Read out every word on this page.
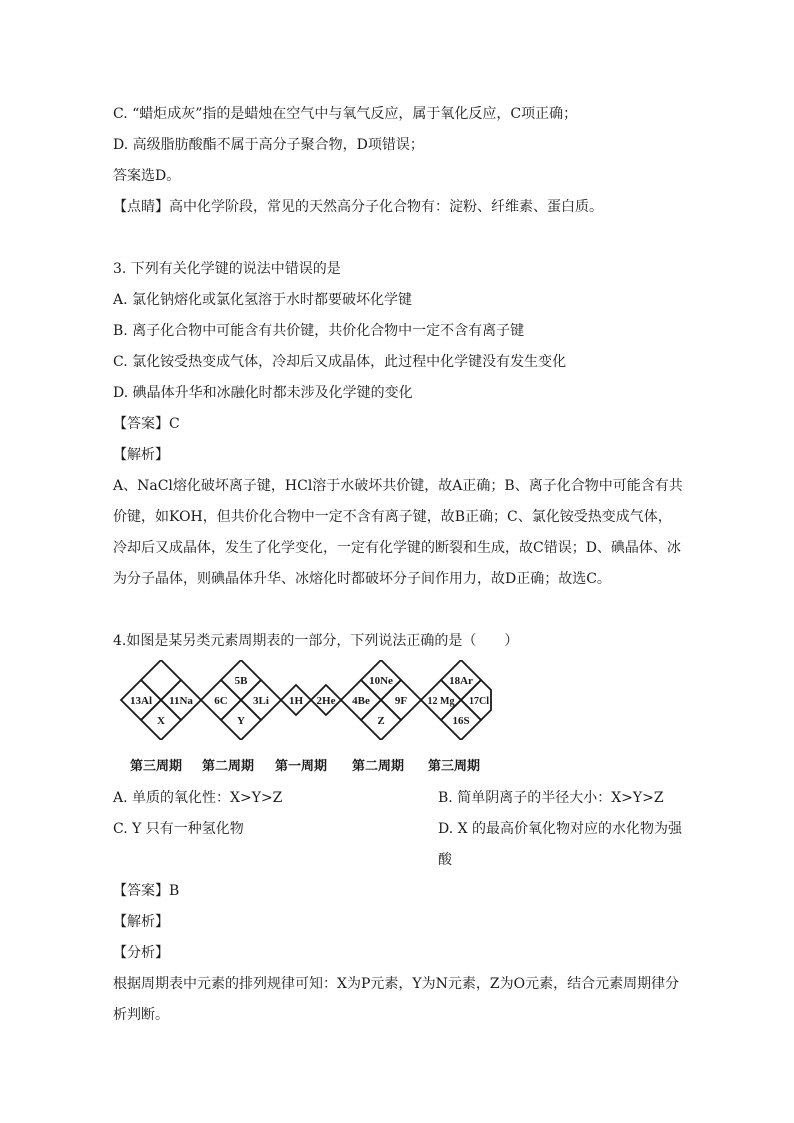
C. “蜡炬成灰”指的是蜡烛在空气中与氧气反应，属于氧化反应，C项正确；
D. 高级脂肪酸酯不属于高分子聚合物，D项错误；
答案选D。
【点睛】高中化学阶段，常见的天然高分子化合物有：淀粉、纤维素、蛋白质。
3. 下列有关化学键的说法中错误的是
A. 氯化钠熔化或氯化氢溶于水时都要破坏化学键
B. 离子化合物中可能含有共价键，共价化合物中一定不含有离子键
C. 氯化铵受热变成气体，冷却后又成晶体，此过程中化学键没有发生变化
D. 碘晶体升华和冰融化时都未涉及化学键的变化
【答案】C
【解析】
A、NaCl熔化破坏离子键，HCl溶于水破坏共价键，故A正确；B、离子化合物中可能含有共价键，如KOH，但共价化合物中一定不含有离子键，故B正确；C、氯化铵受热变成气体，冷却后又成晶体，发生了化学变化，一定有化学键的断裂和生成，故C错误；D、碘晶体、冰为分子晶体，则碘晶体升华、冰熔化时都破坏分子间作用力，故D正确；故选C。
4.如图是某另类元素周期表的一部分，下列说法正确的是（　　）
13Al 11Na
X
5B
6C 3Li
Y
1H 2He
10Ne
4Be 9F
Z
18Ar
12 Mg 17Cl
16S
第三周期 第二周期 第一周期 第二周期 第三周期
A. 单质的氧化性：X>Y>Z	B. 简单阴离子的半径大小：X>Y>Z
C. Y 只有一种氢化物	D. X 的最高价氧化物对应的水化物为强酸
【答案】B
【解析】
【分析】
根据周期表中元素的排列规律可知：X为P元素，Y为N元素，Z为O元素，结合元素周期律分析判断。
